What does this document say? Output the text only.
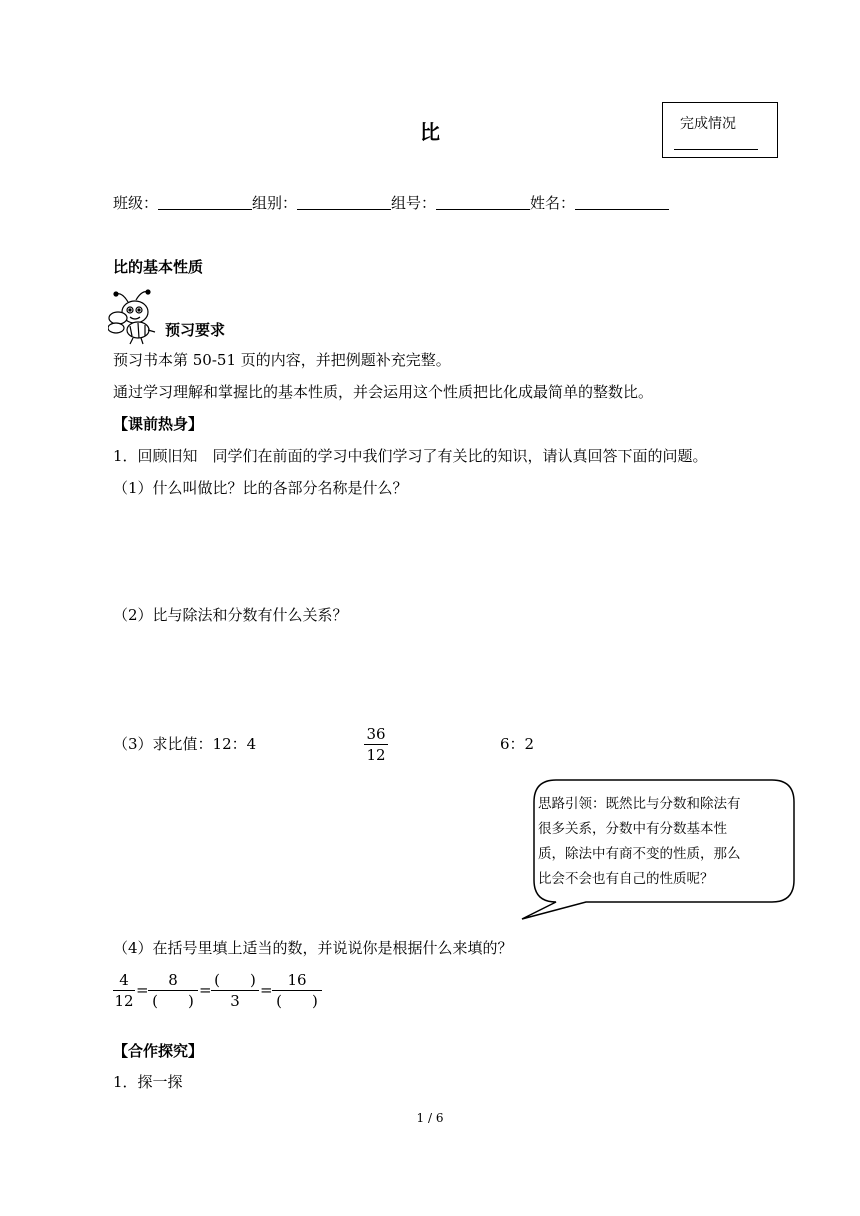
比	完成情况
班级：	组别：	组号：	姓名：
比的基本性质
预习要求
预习书本第 50-51 页的内容，并把例题补充完整。
通过学习理解和掌握比的基本性质，并会运用这个性质把比化成最简单的整数比。
【课前热身】
1．回顾旧知　同学们在前面的学习中我们学习了有关比的知识，请认真回答下面的问题。
（1）什么叫做比？比的各部分名称是什么？
（2）比与除法和分数有什么关系？
（3）求比值：12：4	$\frac{36}{12}$	6：2
思路引领：既然比与分数和除法有
很多关系，分数中有分数基本性
质，除法中有商不变的性质，那么
比会不会也有自己的性质呢？
（4）在括号里填上适当的数，并说说你是根据什么来填的？
$\frac{4}{12}$ =
8
(　　)
=
(　　)
3
=
16
(　　)
【合作探究】
1．探一探
1 / 6
